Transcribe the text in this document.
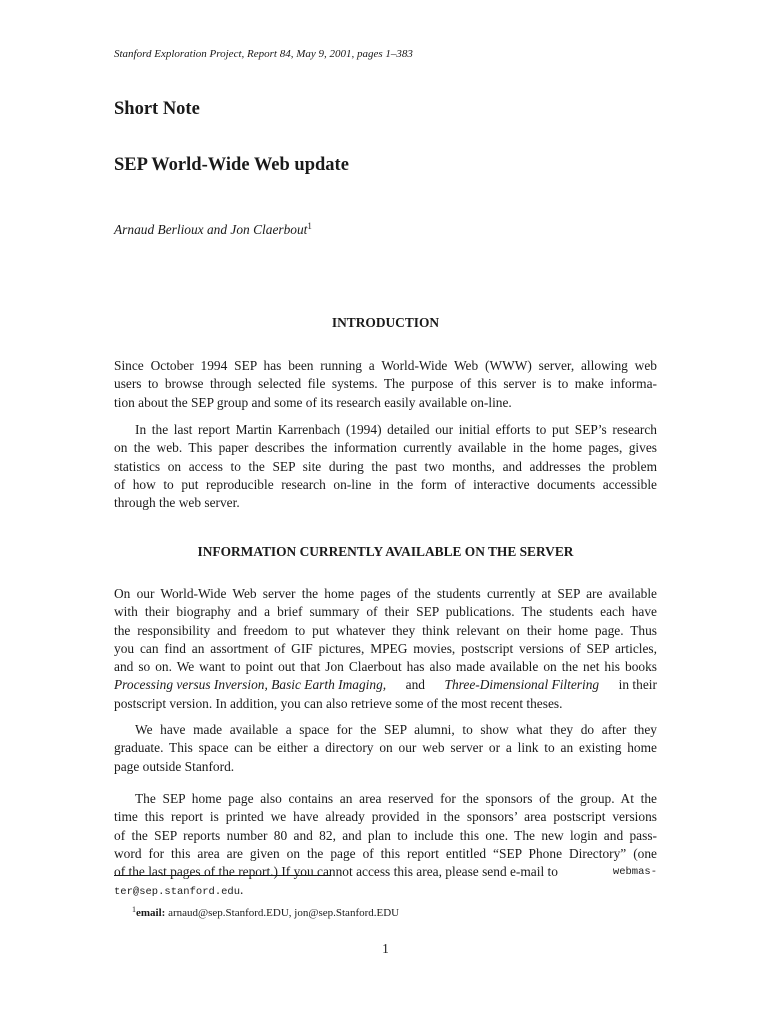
Stanford Exploration Project, Report 84, May 9, 2001, pages 1–383
Short Note
SEP World-Wide Web update
Arnaud Berlioux and Jon Claerbout$^1$
INTRODUCTION
Since October 1994 SEP has been running a World-Wide Web (WWW) server, allowing web
users to browse through selected file systems. The purpose of this server is to make informa-
tion about the SEP group and some of its research easily available on-line.
In the last report Martin Karrenbach (1994) detailed our initial efforts to put SEP’s research
on the web. This paper describes the information currently available in the home pages, gives
statistics on access to the SEP site during the past two months, and addresses the problem
of how to put reproducible research on-line in the form of interactive documents accessible
through the web server.
INFORMATION CURRENTLY AVAILABLE ON THE SERVER
On our World-Wide Web server the home pages of the students currently at SEP are available
with their biography and a brief summary of their SEP publications. The students each have
the responsibility and freedom to put whatever they think relevant on their home page. Thus
you can find an assortment of GIF pictures, MPEG movies, postscript versions of SEP articles,
and so on. We want to point out that Jon Claerbout has also made available on the net his books
Processing versus Inversion, Basic Earth Imaging, and Three-Dimensional Filtering in their
postscript version. In addition, you can also retrieve some of the most recent theses.
We have made available a space for the SEP alumni, to show what they do after they
graduate. This space can be either a directory on our web server or a link to an existing home
page outside Stanford.
The SEP home page also contains an area reserved for the sponsors of the group. At the
time this report is printed we have already provided in the sponsors’ area postscript versions
of the SEP reports number 80 and 82, and plan to include this one. The new login and pass-
word for this area are given on the page of this report entitled “SEP Phone Directory” (one
of the last pages of the report.) If you cannot access this area, please send e-mail to	webmas-
ter@sep.stanford.edu.
$^1$email: arnaud@sep.Stanford.EDU, jon@sep.Stanford.EDU
1
